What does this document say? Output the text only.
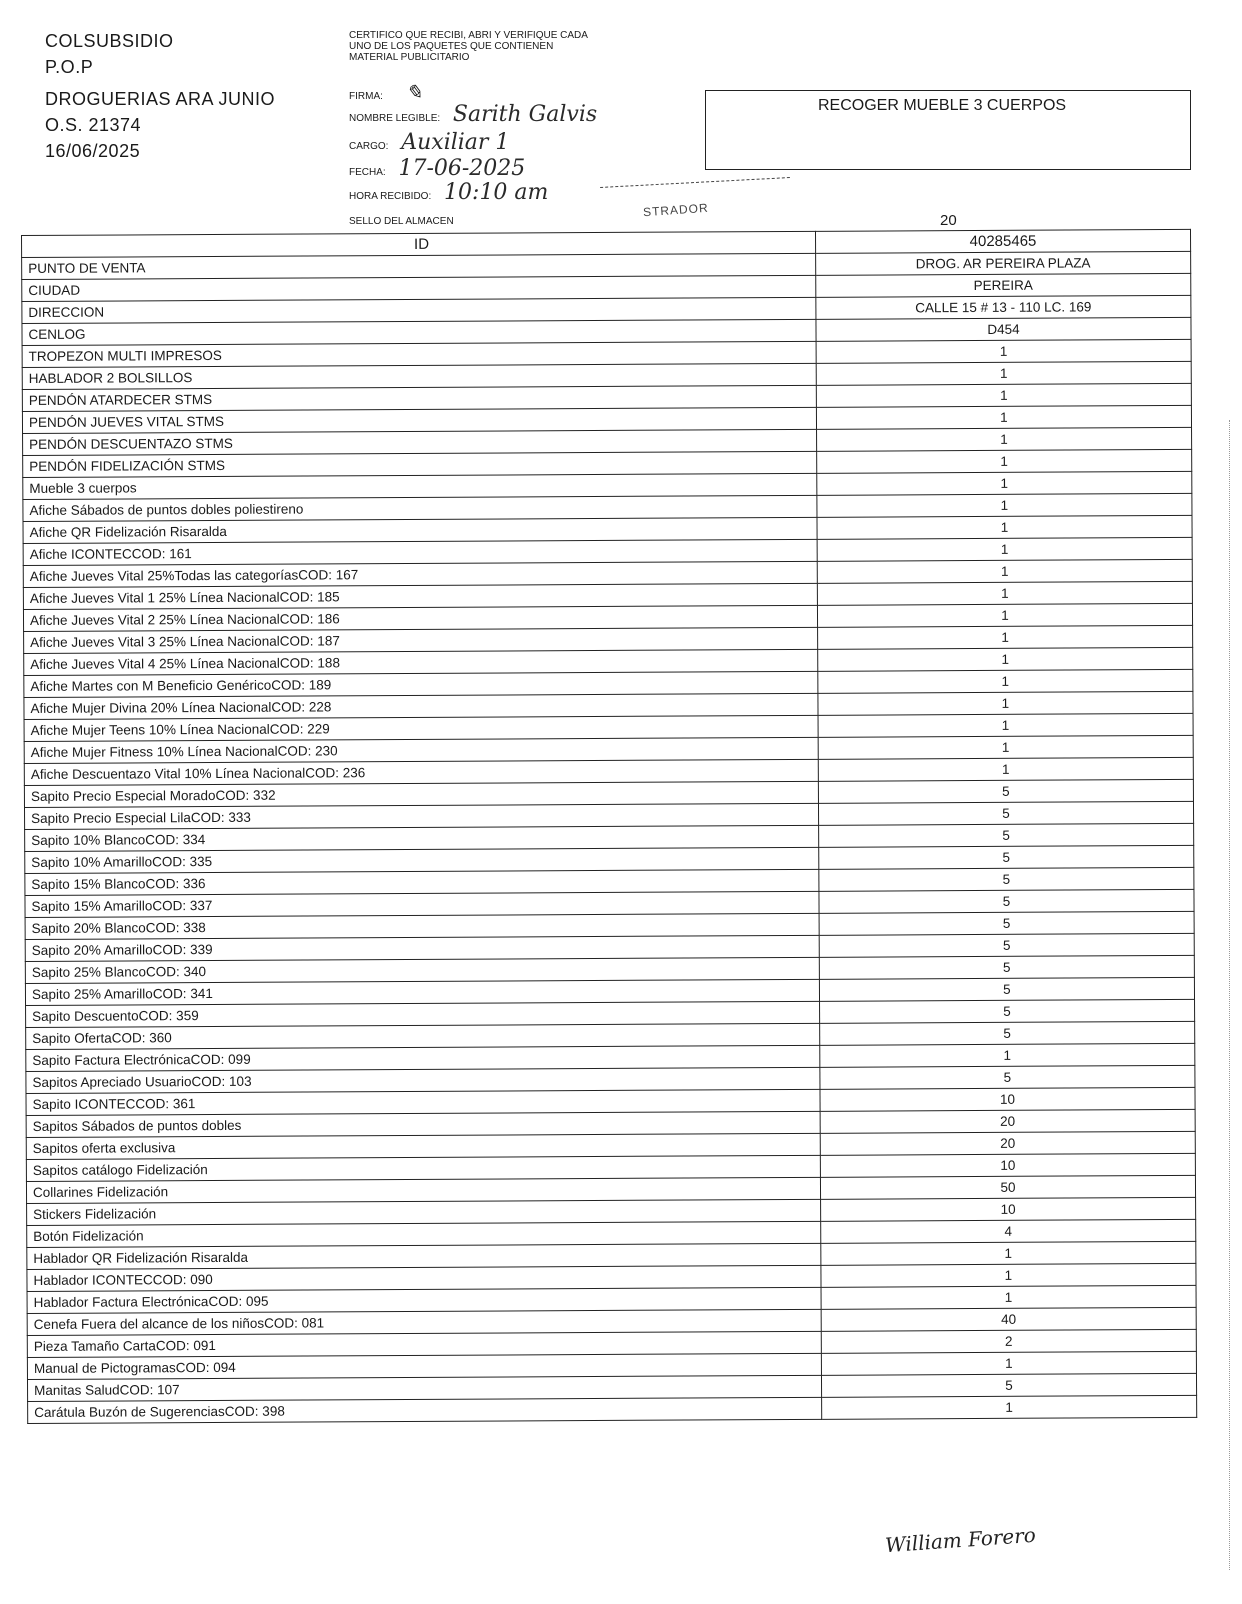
COLSUBSIDIO
P.O.P
DROGUERIAS ARA JUNIO
O.S. 21374
16/06/2025
CERTIFICO QUE RECIBI, ABRI Y VERIFIQUE CADA UNO DE LOS PAQUETES QUE CONTIENEN MATERIAL PUBLICITARIO
FIRMA: ✎
NOMBRE LEGIBLE: Sarith Galvis
CARGO: Auxiliar 1
FECHA: 17-06-2025
HORA RECIBIDO: 10:10 am
STRADOR
RECOGER MUEBLE 3 CUERPOS
SELLO DEL ALMACEN	20
ID	40285465
PUNTO DE VENTA	DROG. AR PEREIRA PLAZA
CIUDAD	PEREIRA
DIRECCION	CALLE 15 # 13 - 110 LC. 169
CENLOG	D454
TROPEZON MULTI IMPRESOS	1
HABLADOR 2 BOLSILLOS	1
PENDÓN ATARDECER STMS	1
PENDÓN JUEVES VITAL STMS	1
PENDÓN DESCUENTAZO STMS	1
PENDÓN FIDELIZACIÓN STMS	1
Mueble 3 cuerpos	1
Afiche Sábados de puntos dobles poliestireno	1
Afiche QR Fidelización Risaralda	1
Afiche ICONTECCOD: 161	1
Afiche Jueves Vital 25%Todas las categoríasCOD: 167	1
Afiche Jueves Vital 1 25% Línea NacionalCOD: 185	1
Afiche Jueves Vital 2 25% Línea NacionalCOD: 186	1
Afiche Jueves Vital 3 25% Línea NacionalCOD: 187	1
Afiche Jueves Vital 4 25% Línea NacionalCOD: 188	1
Afiche Martes con M Beneficio GenéricoCOD: 189	1
Afiche Mujer Divina 20% Línea NacionalCOD: 228	1
Afiche Mujer Teens 10% Línea NacionalCOD: 229	1
Afiche Mujer Fitness 10% Línea NacionalCOD: 230	1
Afiche Descuentazo Vital 10% Línea NacionalCOD: 236	1
Sapito Precio Especial MoradoCOD: 332	5
Sapito Precio Especial LilaCOD: 333	5
Sapito 10% BlancoCOD: 334	5
Sapito 10% AmarilloCOD: 335	5
Sapito 15% BlancoCOD: 336	5
Sapito 15% AmarilloCOD: 337	5
Sapito 20% BlancoCOD: 338	5
Sapito 20% AmarilloCOD: 339	5
Sapito 25% BlancoCOD: 340	5
Sapito 25% AmarilloCOD: 341	5
Sapito DescuentoCOD: 359	5
Sapito OfertaCOD: 360	5
Sapito Factura ElectrónicaCOD: 099	1
Sapitos Apreciado UsuarioCOD: 103	5
Sapito ICONTECCOD: 361	10
Sapitos Sábados de puntos dobles	20
Sapitos oferta exclusiva	20
Sapitos catálogo Fidelización	10
Collarines Fidelización	50
Stickers Fidelización	10
Botón Fidelización	4
Hablador QR Fidelización Risaralda	1
Hablador ICONTECCOD: 090	1
Hablador Factura ElectrónicaCOD: 095	1
Cenefa Fuera del alcance de los niñosCOD: 081	40
Pieza Tamaño CartaCOD: 091	2
Manual de PictogramasCOD: 094	1
Manitas SaludCOD: 107	5
Carátula Buzón de SugerenciasCOD: 398	1
William Forero
